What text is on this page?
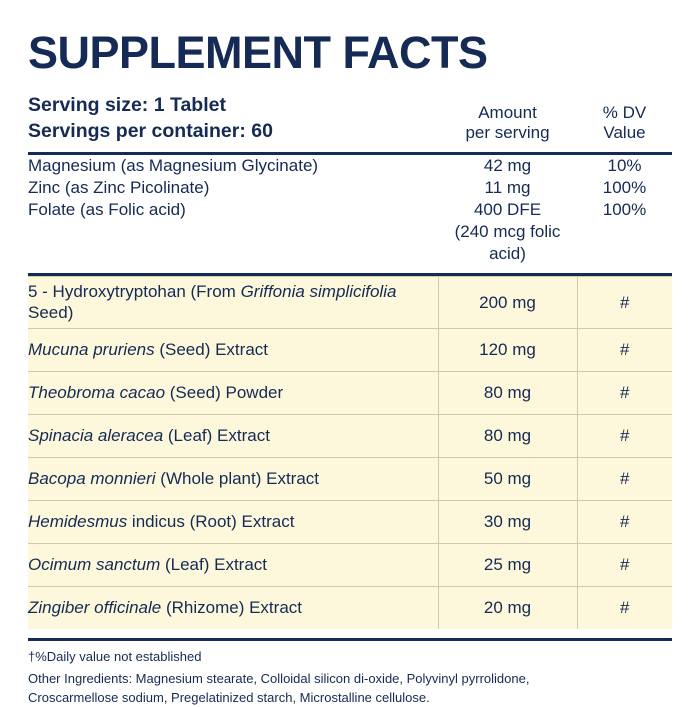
SUPPLEMENT FACTS
Serving size: 1 Tablet
Servings per container: 60
Amount
per serving
% DV
Value
Magnesium (as Magnesium Glycinate)	42 mg	10%
Zinc (as Zinc Picolinate)	11 mg	100%
Folate (as Folic acid)	400 DFE	100%
	(240 mcg folic acid)	
5 - Hydroxytryptohan (From Griffonia simplicifolia Seed)	200 mg	#
Mucuna pruriens (Seed) Extract	120 mg	#
Theobroma cacao (Seed) Powder	80 mg	#
Spinacia aleracea (Leaf) Extract	80 mg	#
Bacopa monnieri (Whole plant) Extract	50 mg	#
Hemidesmus indicus (Root) Extract	30 mg	#
Ocimum sanctum (Leaf) Extract	25 mg	#
Zingiber officinale (Rhizome) Extract	20 mg	#
†%Daily value not established
Other Ingredients: Magnesium stearate, Colloidal silicon di-oxide, Polyvinyl pyrrolidone,
Croscarmellose sodium, Pregelatinized starch, Microstalline cellulose.
